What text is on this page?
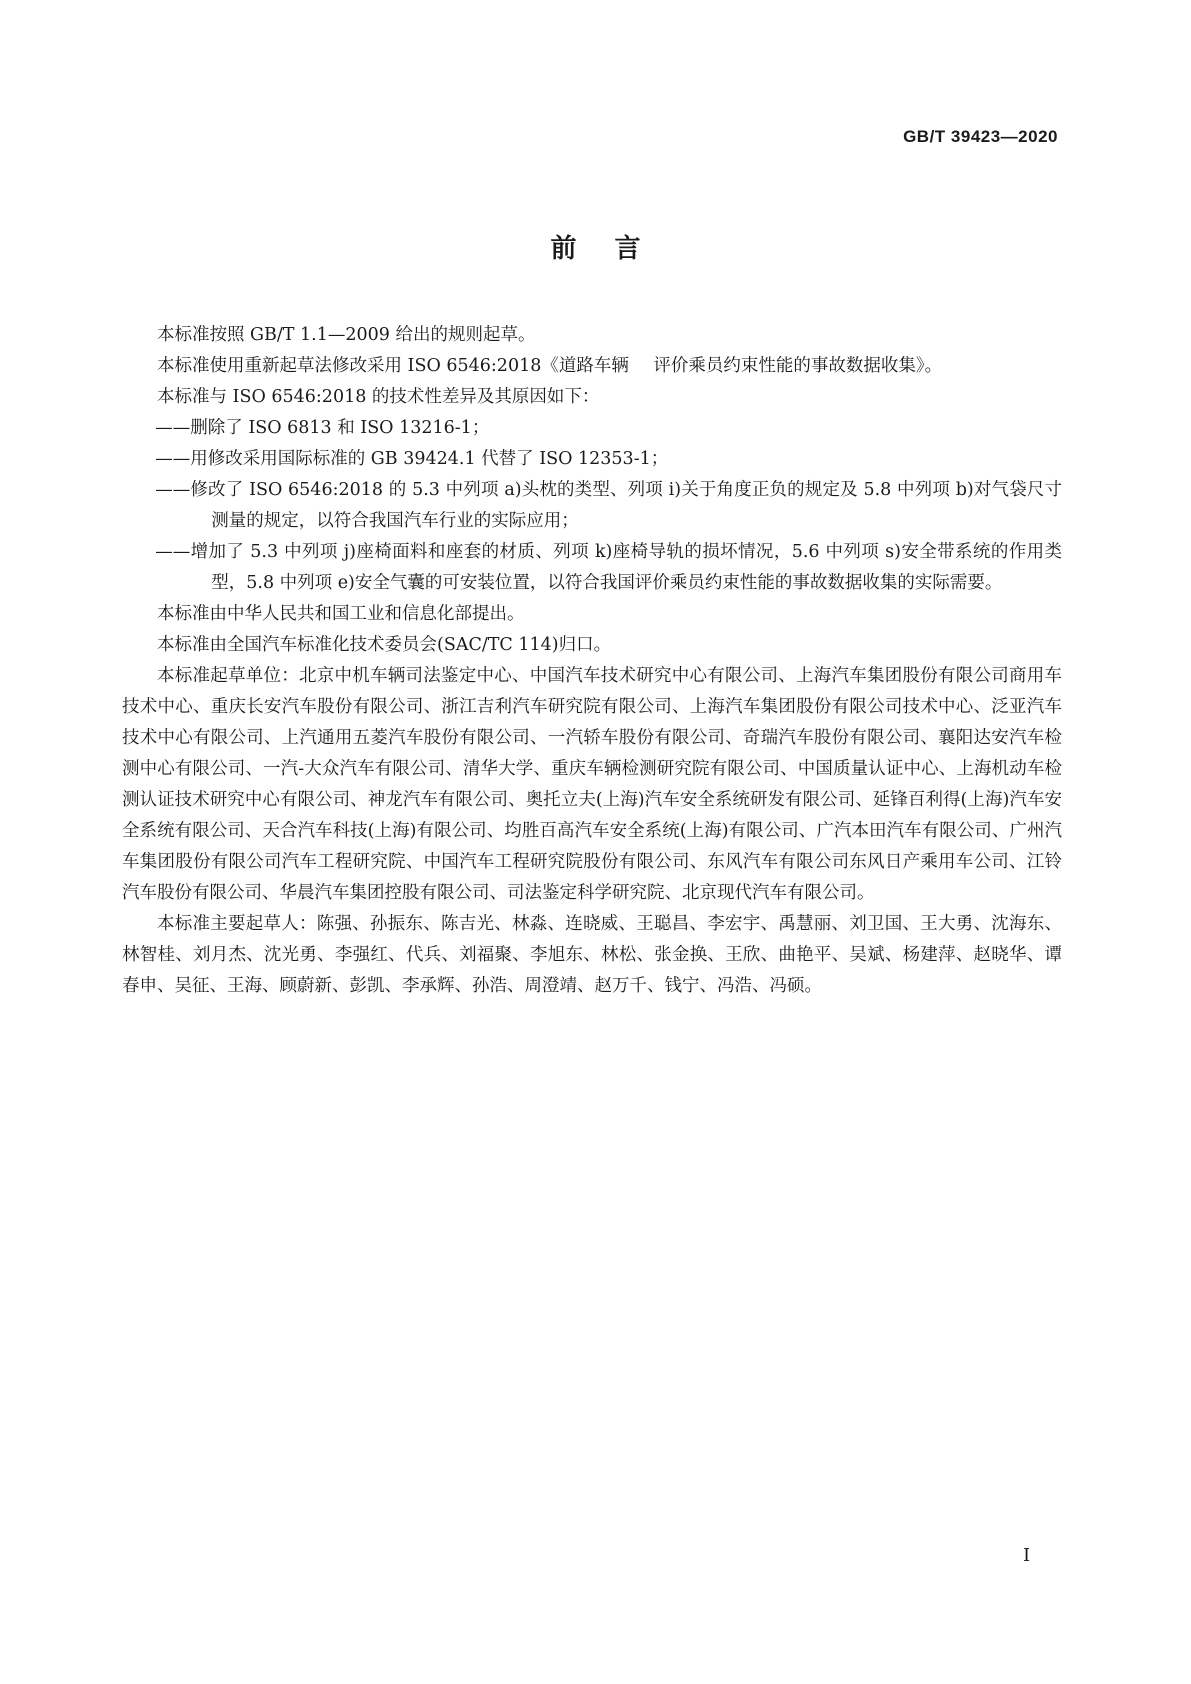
GB/T 39423—2020
前言

本标准按照 GB/T 1.1—2009 给出的规则起草。

本标准使用重新起草法修改采用 ISO 6546:2018《道路车辆 评价乘员约束性能的事故数据收集》。

本标准与 ISO 6546:2018 的技术性差异及其原因如下：

——删除了 ISO 6813 和 ISO 13216-1；

——用修改采用国际标准的 GB 39424.1 代替了 ISO 12353-1；

——修改了 ISO 6546:2018 的 5.3 中列项 a)头枕的类型、列项 i)关于角度正负的规定及 5.8 中列项 b)对气袋尺寸测量的规定，以符合我国汽车行业的实际应用；

——增加了 5.3 中列项 j)座椅面料和座套的材质、列项 k)座椅导轨的损坏情况，5.6 中列项 s)安全带系统的作用类型，5.8 中列项 e)安全气囊的可安装位置，以符合我国评价乘员约束性能的事故数据收集的实际需要。

本标准由中华人民共和国工业和信息化部提出。

本标准由全国汽车标准化技术委员会(SAC/TC 114)归口。

本标准起草单位：北京中机车辆司法鉴定中心、中国汽车技术研究中心有限公司、上海汽车集团股份有限公司商用车技术中心、重庆长安汽车股份有限公司、浙江吉利汽车研究院有限公司、上海汽车集团股份有限公司技术中心、泛亚汽车技术中心有限公司、上汽通用五菱汽车股份有限公司、一汽轿车股份有限公司、奇瑞汽车股份有限公司、襄阳达安汽车检测中心有限公司、一汽-大众汽车有限公司、清华大学、重庆车辆检测研究院有限公司、中国质量认证中心、上海机动车检测认证技术研究中心有限公司、神龙汽车有限公司、奥托立夫(上海)汽车安全系统研发有限公司、延锋百利得(上海)汽车安全系统有限公司、天合汽车科技(上海)有限公司、均胜百高汽车安全系统(上海)有限公司、广汽本田汽车有限公司、广州汽车集团股份有限公司汽车工程研究院、中国汽车工程研究院股份有限公司、东风汽车有限公司东风日产乘用车公司、江铃汽车股份有限公司、华晨汽车集团控股有限公司、司法鉴定科学研究院、北京现代汽车有限公司。

本标准主要起草人：陈强、孙振东、陈吉光、林淼、连晓威、王聪昌、李宏宇、禹慧丽、刘卫国、王大勇、沈海东、林智桂、刘月杰、沈光勇、李强红、代兵、刘福聚、李旭东、林松、张金换、王欣、曲艳平、吴斌、杨建萍、赵晓华、谭春申、吴征、王海、顾蔚新、彭凯、李承辉、孙浩、周澄靖、赵万千、钱宁、冯浩、冯硕。

I
